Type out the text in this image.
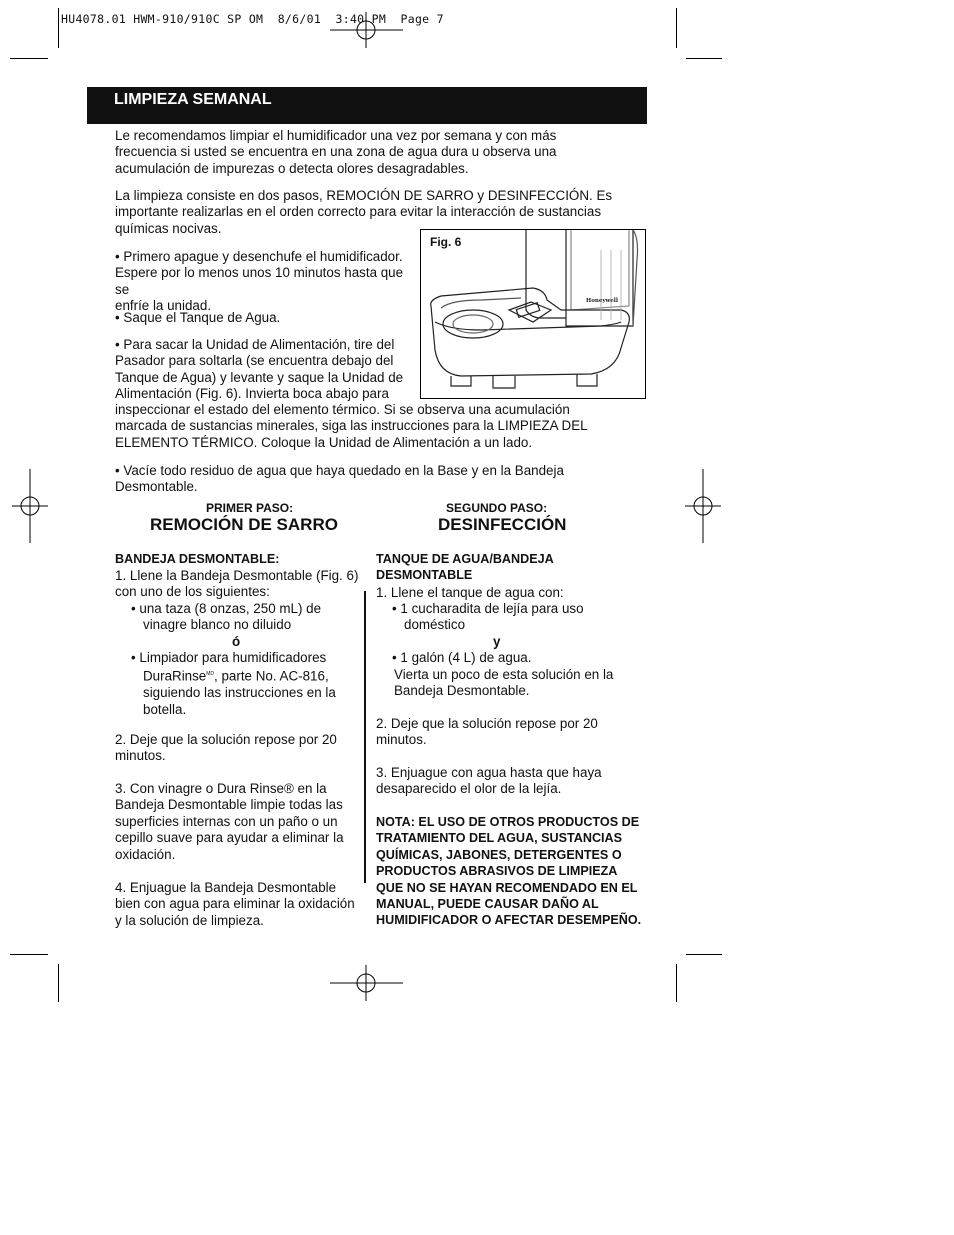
HU4078.01 HWM-910/910C SP OM  8/6/01  3:40 PM  Page 7
LIMPIEZA SEMANAL
Le recomendamos limpiar el humidificador una vez por semana y con más
frecuencia si usted se encuentra en una zona de agua dura u observa una
acumulación de impurezas o detecta olores desagradables.
La limpieza consiste en dos pasos, REMOCIÓN DE SARRO y DESINFECCIÓN. Es
importante realizarlas en el orden correcto para evitar la interacción de sustancias
químicas nocivas.
• Primero apague y desenchufe el humidificador.
Espere por lo menos unos 10 minutos hasta que se
enfríe la unidad.
• Saque el Tanque de Agua.
• Para sacar la Unidad de Alimentación, tire del
Pasador para soltarla (se encuentra debajo del
Tanque de Agua) y levante y saque la Unidad de
Alimentación (Fig. 6). Invierta boca abajo para
inspeccionar el estado del elemento térmico. Si se observa una acumulación
marcada de sustancias minerales, siga las instrucciones para la LIMPIEZA DEL
ELEMENTO TÉRMICO. Coloque la Unidad de Alimentación a un lado.
• Vacíe todo residuo de agua que haya quedado en la Base y en la Bandeja
Desmontable.
Fig. 6
Honeywell
PRIMER PASO:
REMOCIÓN DE SARRO
BANDEJA DESMONTABLE:
1. Llene la Bandeja Desmontable (Fig. 6)
con uno de los siguientes:
• una taza (8 onzas, 250 mL) de
vinagre blanco no diluido
ó
• Limpiador para humidificadores
DuraRinse$^{MD}$, parte No. AC-816,
siguiendo las instrucciones en la
botella.
2. Deje que la solución repose por 20
minutos.
3. Con vinagre o Dura Rinse® en la
Bandeja Desmontable limpie todas las
superficies internas con un paño o un
cepillo suave para ayudar a eliminar la
oxidación.
4. Enjuague la Bandeja Desmontable
bien con agua para eliminar la oxidación
y la solución de limpieza.
SEGUNDO PASO:
DESINFECCIÓN
TANQUE DE AGUA/BANDEJA
DESMONTABLE
1. Llene el tanque de agua con:
• 1 cucharadita de lejía para uso
doméstico
y
• 1 galón (4 L) de agua.
Vierta un poco de esta solución en la
Bandeja Desmontable.
2. Deje que la solución repose por 20
minutos.
3. Enjuague con agua hasta que haya
desaparecido el olor de la lejía.
NOTA: EL USO DE OTROS PRODUCTOS DE
TRATAMIENTO DEL AGUA, SUSTANCIAS
QUÍMICAS, JABONES, DETERGENTES O
PRODUCTOS ABRASIVOS DE LIMPIEZA
QUE NO SE HAYAN RECOMENDADO EN EL
MANUAL, PUEDE CAUSAR DAÑO AL
HUMIDIFICADOR O AFECTAR DESEMPEÑO.
